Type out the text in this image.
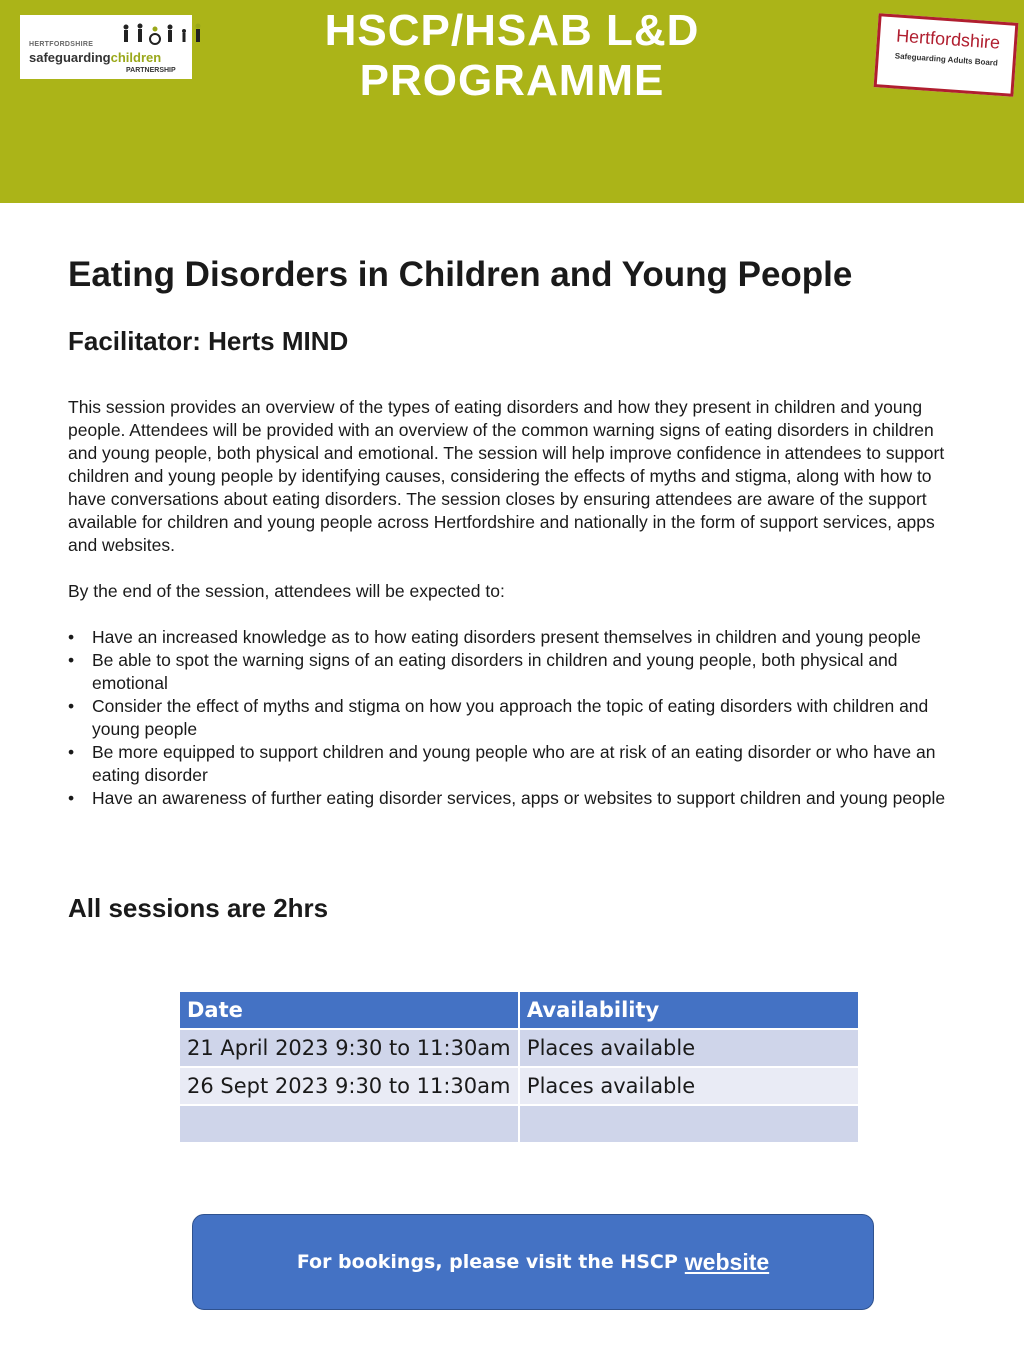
HERTFORDSHIRE
safeguardingchildren
PARTNERSHIP
HSCP/HSAB L&D
PROGRAMME
Hertfordshire
Safeguarding Adults Board
Eating Disorders in Children and Young People
Facilitator: Herts MIND

This session provides an overview of the types of eating disorders and how they present in children and young people. Attendees will be provided with an overview of the common warning signs of eating disorders in children and young people, both physical and emotional. The session will help improve confidence in attendees to support children and young people by identifying causes, considering the effects of myths and stigma, along with how to have conversations about eating disorders. The session closes by ensuring attendees are aware of the support available for children and young people across Hertfordshire and nationally in the form of support services, apps and websites.

By the end of the session, attendees will be expected to:

• Have an increased knowledge as to how eating disorders present themselves in children and young people
• Be able to spot the warning signs of an eating disorders in children and young people, both physical and emotional
• Consider the effect of myths and stigma on how you approach the topic of eating disorders with children and young people
• Be more equipped to support children and young people who are at risk of an eating disorder or who have an eating disorder
• Have an awareness of further eating disorder services, apps or websites to support children and young people
All sessions are 2hrs
Date	Availability
21 April 2023 9:30 to 11:30am	Places available
26 Sept 2023 9:30 to 11:30am	Places available

For bookings, please visit the HSCP website
